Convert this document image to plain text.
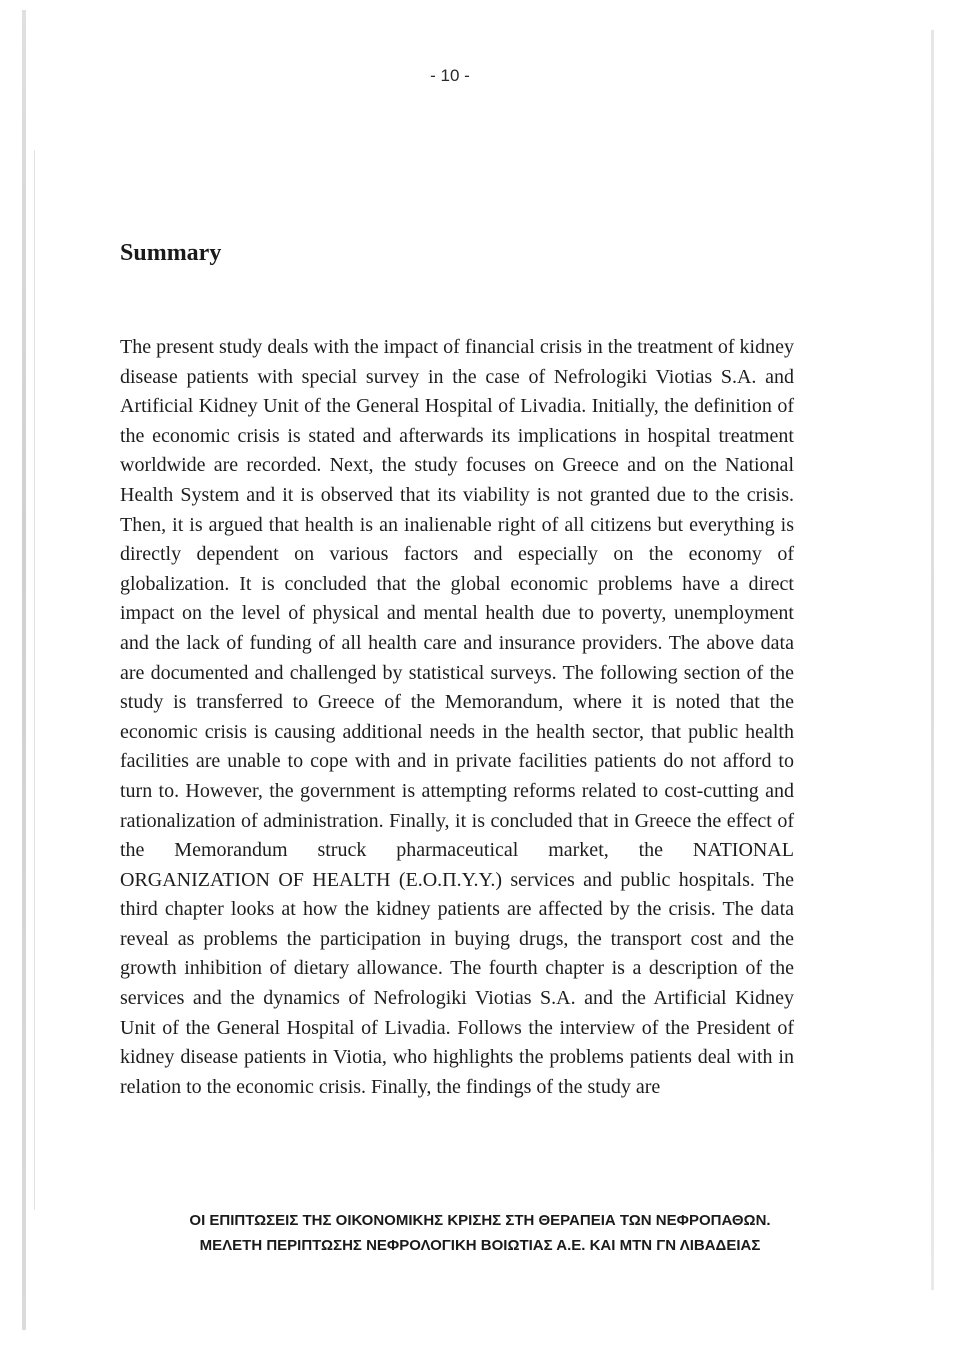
- 10 -
Summary

The present study deals with the impact of financial crisis in the treatment of kidney disease patients with special survey in the case of Nefrologiki Viotias S.A. and Artificial Kidney Unit of the General Hospital of Livadia. Initially, the definition of the economic crisis is stated and afterwards its implications in hospital treatment worldwide are recorded. Next, the study focuses on Greece and on the National Health System and it is observed that its viability is not granted due to the crisis. Then, it is argued that health is an inalienable right of all citizens but everything is directly dependent on various factors and especially on the economy of globalization. It is concluded that the global economic problems have a direct impact on the level of physical and mental health due to poverty, unemployment and the lack of funding of all health care and insurance providers. The above data are documented and challenged by statistical surveys. The following section of the study is transferred to Greece of the Memorandum, where it is noted that the economic crisis is causing additional needs in the health sector, that public health facilities are unable to cope with and in private facilities patients do not afford to turn to. However, the government is attempting reforms related to cost-cutting and rationalization of administration. Finally, it is concluded that in Greece the effect of the Memorandum struck pharmaceutical market, the NATIONAL ORGANIZATION OF HEALTH (E.O.Π.Y.Y.) services and public hospitals. The third chapter looks at how the kidney patients are affected by the crisis. The data reveal as problems the participation in buying drugs, the transport cost and the growth inhibition of dietary allowance. The fourth chapter is a description of the services and the dynamics of Nefrologiki Viotias S.A. and the Artificial Kidney Unit of the General Hospital of Livadia. Follows the interview of the President of kidney disease patients in Viotia, who highlights the problems patients deal with in relation to the economic crisis. Finally, the findings of the study are

ΟΙ ΕΠΙΠΤΩΣΕΙΣ ΤΗΣ ΟΙΚΟΝΟΜΙΚΗΣ ΚΡΙΣΗΣ ΣΤΗ ΘΕΡΑΠΕΙΑ ΤΩΝ ΝΕΦΡΟΠΑΘΩΝ.
ΜΕΛΕΤΗ ΠΕΡΙΠΤΩΣΗΣ ΝΕΦΡΟΛΟΓΙΚΗ ΒΟΙΩΤΙΑΣ Α.Ε. ΚΑΙ ΜΤΝ ΓΝ ΛΙΒΑΔΕΙΑΣ
